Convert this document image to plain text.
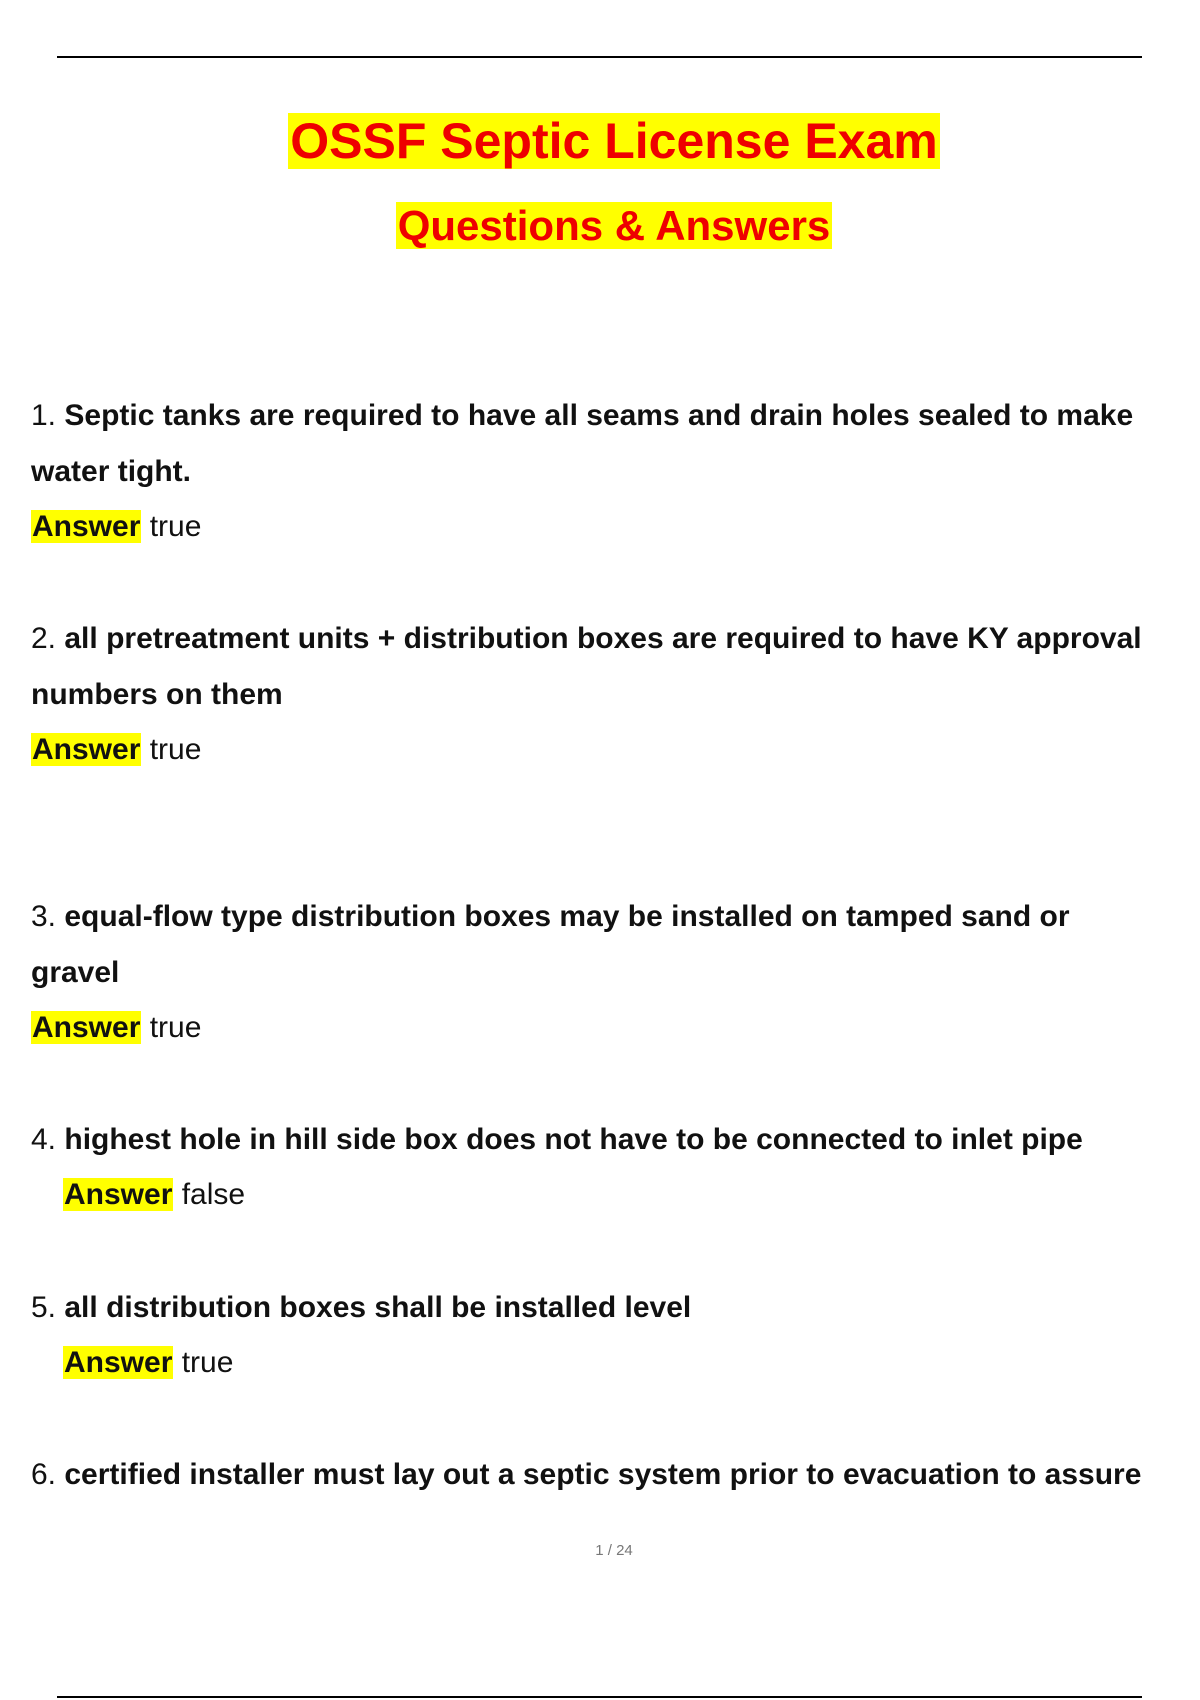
OSSF Septic License Exam
Questions & Answers
1. Septic tanks are required to have all seams and drain holes sealed to make
water tight.
Answer true
2. all pretreatment units + distribution boxes are required to have KY approval
numbers on them
Answer true
3. equal-flow type distribution boxes may be installed on tamped sand or
gravel
Answer true
4. highest hole in hill side box does not have to be connected to inlet pipe
Answer false
5. all distribution boxes shall be installed level
Answer true
6. certified installer must lay out a septic system prior to evacuation to assure
1 / 24
